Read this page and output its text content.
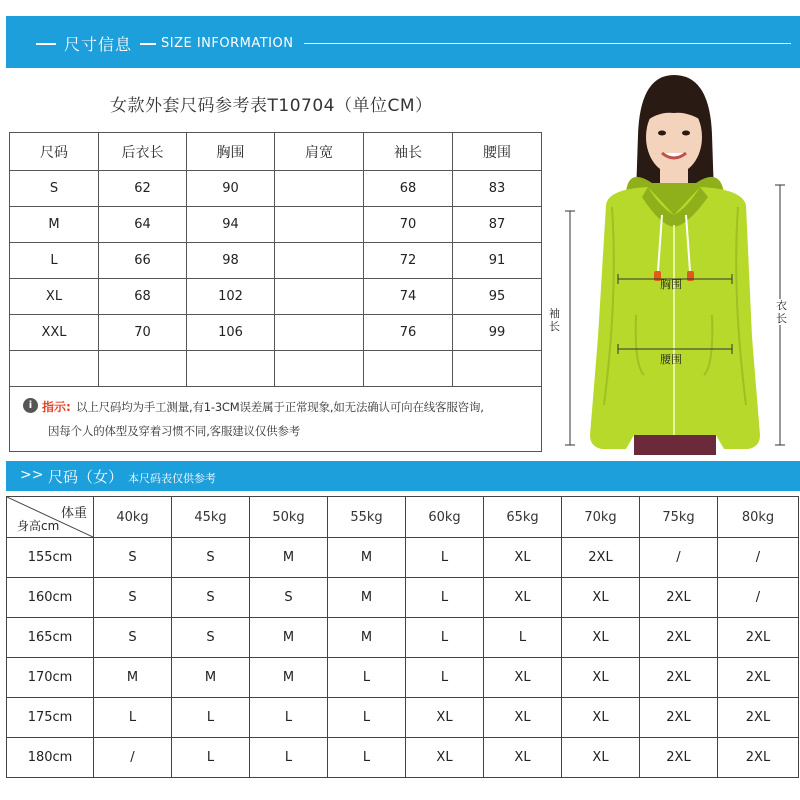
尺寸信息 SIZE INFORMATION
女款外套尺码参考表T10704（单位CM）
尺码	后衣长	胸围	肩宽	袖长	腰围
S	62	90		68	83
M	64	94		70	87
L	66	98		72	91
XL	68	102		74	95
XXL	70	106		76	99

i 指示: 以上尺码均为手工测量,有1-3CM误差属于正常现象,如无法确认可向在线客服咨询,
因每个人的体型及穿着习惯不同,客服建议仅供参考
胸围
腰围
袖长
衣长
>> 尺码（女） 本尺码表仅供参考
体重
身高cm	40kg	45kg	50kg	55kg	60kg	65kg	70kg	75kg	80kg
155cm	S	S	M	M	L	XL	2XL	/	/
160cm	S	S	S	M	L	XL	XL	2XL	/
165cm	S	S	M	M	L	L	XL	2XL	2XL
170cm	M	M	M	L	L	XL	XL	2XL	2XL
175cm	L	L	L	L	XL	XL	XL	2XL	2XL
180cm	/	L	L	L	XL	XL	XL	2XL	2XL
